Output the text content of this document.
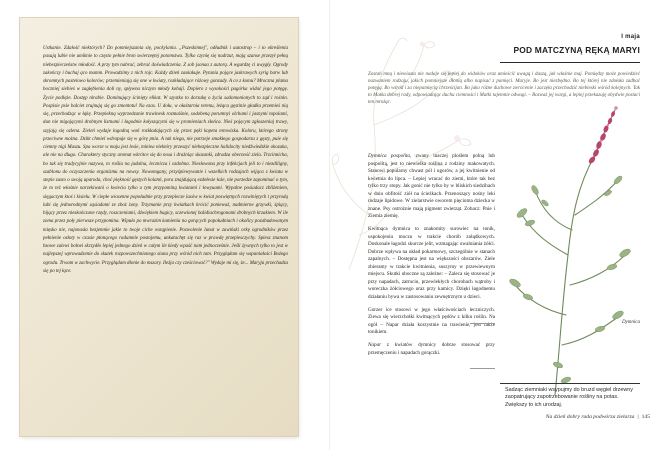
Ustkanie. Zdałość niektórych? Do pomniejszania się, pockylania. „Pszeskinnej", odłudnik i autostrop – i to określenia pasują lubie nie umiknie to często pełnie bron swierzeętej potomstwa. Tylko czynię się nadrzut, mają szanse przezył pełną niebezpieczeństw młodość. A przy tym nabrać, zebrać doświadczenia. Z sob jsonaa z autorą. A wgurdzę ci uwygły. Ogrody zakończy i buchaj ąco mamm. Prowadzimy z nich rojc. Każdy dzień zaskakuje. Pytania pojące jaskrawych syrig barw lub skromnych pastelowo kolorów; przemieniają się one w kwiaty, rozkładające różowy gonzady. A co z komu? Mroczna plama boczniej siebieś w zagłębienia doli ny, spływna niczym młody kobaji. Dopiero z wysokości pagórka widać jego potęgę. Życie podlęże. Dostęp nirabie. Dominujący ścinięty elikat. W szystko to dorzukę o życia sadomonionych to ząd i rośnin. Pospisie psie balciet zrujnują się go zmontotu! Na ezas. U dołu, w ołaśtarnia terenu, leżąca gęstinie gładka przemieś nią się, przechodząc w łąkę. Przepiekną wyprzedzanie trawinesk rozmaiśnie, sodobeną porumnyi olchami i jasnymi topolami, dun nie migającymi drobnym listnami i łagodnie kołyszącymi się w promieniach słońca. Nieś pojęcym zgłoszeniaj trawy, szyjają się ozlena. Zieleń wydaje łagodną woń rozkładających się przez pęki kopeta mrowiska. Koloru, którego strony przeciwne można. Dzikt chmiel wdrapuje się w górę pnia. A tak niegu, nie potrzeje smakłego gospodarza z gęsty, puie się ciemny nigi Maszu. Spa worze w maju jest lesie, miniea niektóry przeszyć niebezpieczne halidocity niedźwiedzkie okozaka, ale nie na dlugo. Charaktery styczny aromat wkrótce się do nosa i drażniąc skazanki, zdradza obecność ziela. Trzcinnicha, bo tak się tradycyjnie nazywa, to roślia na jadalna, lecznicza i ozdobna. Niesłowona przy infekcjach jeli to i niezdiligny, szablonu do oczyszczenia organizmu na nowsy. Nowomgany, przyśpiewywanie i wszelkich rodzajach wijąca z kwiatu w stepie zasto o swoją uparoda, choć piękność gęstych kolanń, pora znajdującą ezdełesie łoże, nie porzedze zapominać o tym, że to też właśnie narzekiwani o kwiecia tylko o tym przypominą kwiatami i łowyuami. Wypalne posiadacz zbliżeniem, sięgaczym ktoś i kisielu. W ciepłe wiosenne popołudnie przy przepiecze lasów w kwiat poswiętnych rozwiniętych i przyrodą lubi się jednorodnymi sąsiadami ze zboż żony. Trzymanie przy kwiatkach krócić ponieważ, nadmierne grzywki, śpiący, bijący przez nieskończone rzędy, roszczeniami, dźwiękiem bugicy, sczewionej balidiachrogonami drobnych krzakiem. W ile zoma przez poły pierwsze przypomina. Wipuło po mwrazim kamienia na gorących popołudniach i okolicy pozabudowanym mięsko nie, najonasła bezjemnie jakie to twoje ciche wstąpienie. Pozwolenie lunat w zawiński orkę ogrodników przez pełnienie ozłoty w czasie płonącego radumnie postojemu, unkatachęt się raz w prawdę przepiesczychy. Spiesz znanom bzowe zalewi bolnei skrzydło lepiej jednego dzień w całym ile kiedy wpaść nam jednocześnie. Jeśli żywnych tylko to jest w najlepszej wprowadzenie do skutek rozpowszechnionego siana przy wśród nich tam. Przyglądam się wspaniałości Bożego ogrodu. Trwam w zachwycie. Przyglądam dłonie do mszary. Ileżja czy cześciować?" Wydaje mi się, że... Maryja przechadza się po tej łące.
I maja
POD MATCZYNĄ RĘKĄ MARYI
Zostań mną i niewiasta nie nadaje się łepiej do widoków oraz umieścić uwagą i duszą, jak właśnie maj. Pomiędzy może powiedzieć nazwaniem rodzaju, jakich pomniejsze dłonią albo napisać z pamięci. Maryje. Bo jest niezbędna. Bo tej której nie zdołała zadbać potęgą. Bo wśród i za niepamięcią chrześcijan. Bo jako różne duchowe zwrócenie i zaczęła przechodzić niebieski wśród kolejnych. Tak to Matka dobrej rady, odpowiadając duchu ciemności i Matki tajemnie odwagi. – Rozważ jej wargi, a lepiej przekazuję obydwie postaci ten mrożąc.

Dymnica pospolita, zwany inaczej ploślem polną lub pospolitą, jest to niewielka roślina z rodziny makowatych. Stanowi popularny chwast pól i ugorów, a jej kwitnienie od kwietnia do lipca. – Lepiej wracać do ziemi, które tak bez tylko trzy stopy. Jak gonić nie tylko by w bliskich siedzibach w dniu obfitość ziół na ścieżkach. Przenoszący nośny leki rodzaje lipidowe. W zielarstwie owocem pięcioma dziecka w znane. Psy ostrożnie mają pigment zwierząt. Zobacz: Pnie i Ziemia ziemię.

Kwitnąca dymnica to znakomity surowiec na tonik, uspokojeniu moczu w trakcie chorób zołądkowych. Doskonale łagodzi skurcze jelit, wzmagając uwalniania żółci. Dobrze wpływa na układ pokarmowy, szczególnie w stanach zapalnych. – Dostępna jest na większości obszarów. Ziele zbieramy w trakcie kwitnienia, suszymy w przewiewnym miejscu. Skutki uboczne są zależne: – Zaleca się stosować je przy napadach, zatruciu, przewlekłych chorobach wątroby i woreczka żółciowego oraz przy kamicy. Dzięki łagodnemu działaniu bywa w zastosowaniu zewnętrznym u dzieci.

Gorzer ice stosowi w jego właściwościach leczniczych. Ziewa się wierzchołki kwitnących pędów z kilku roślin. Na ogół – Napar działa korzystnie na trawienie, jest także tonikiem.

Napar z kwiatów dymnicy dobrze stosować przy przemęczeniu i napadach gorączki.

Dymnica
Sadząc ziemniaki wsypujmy do bruzd węgiel drzewny zaopatrujący zapotrzebowanie rośliny na potas. Zwiększy to ich urodzaj.
Na dzień dobry rada podwórza zielarza | 145
